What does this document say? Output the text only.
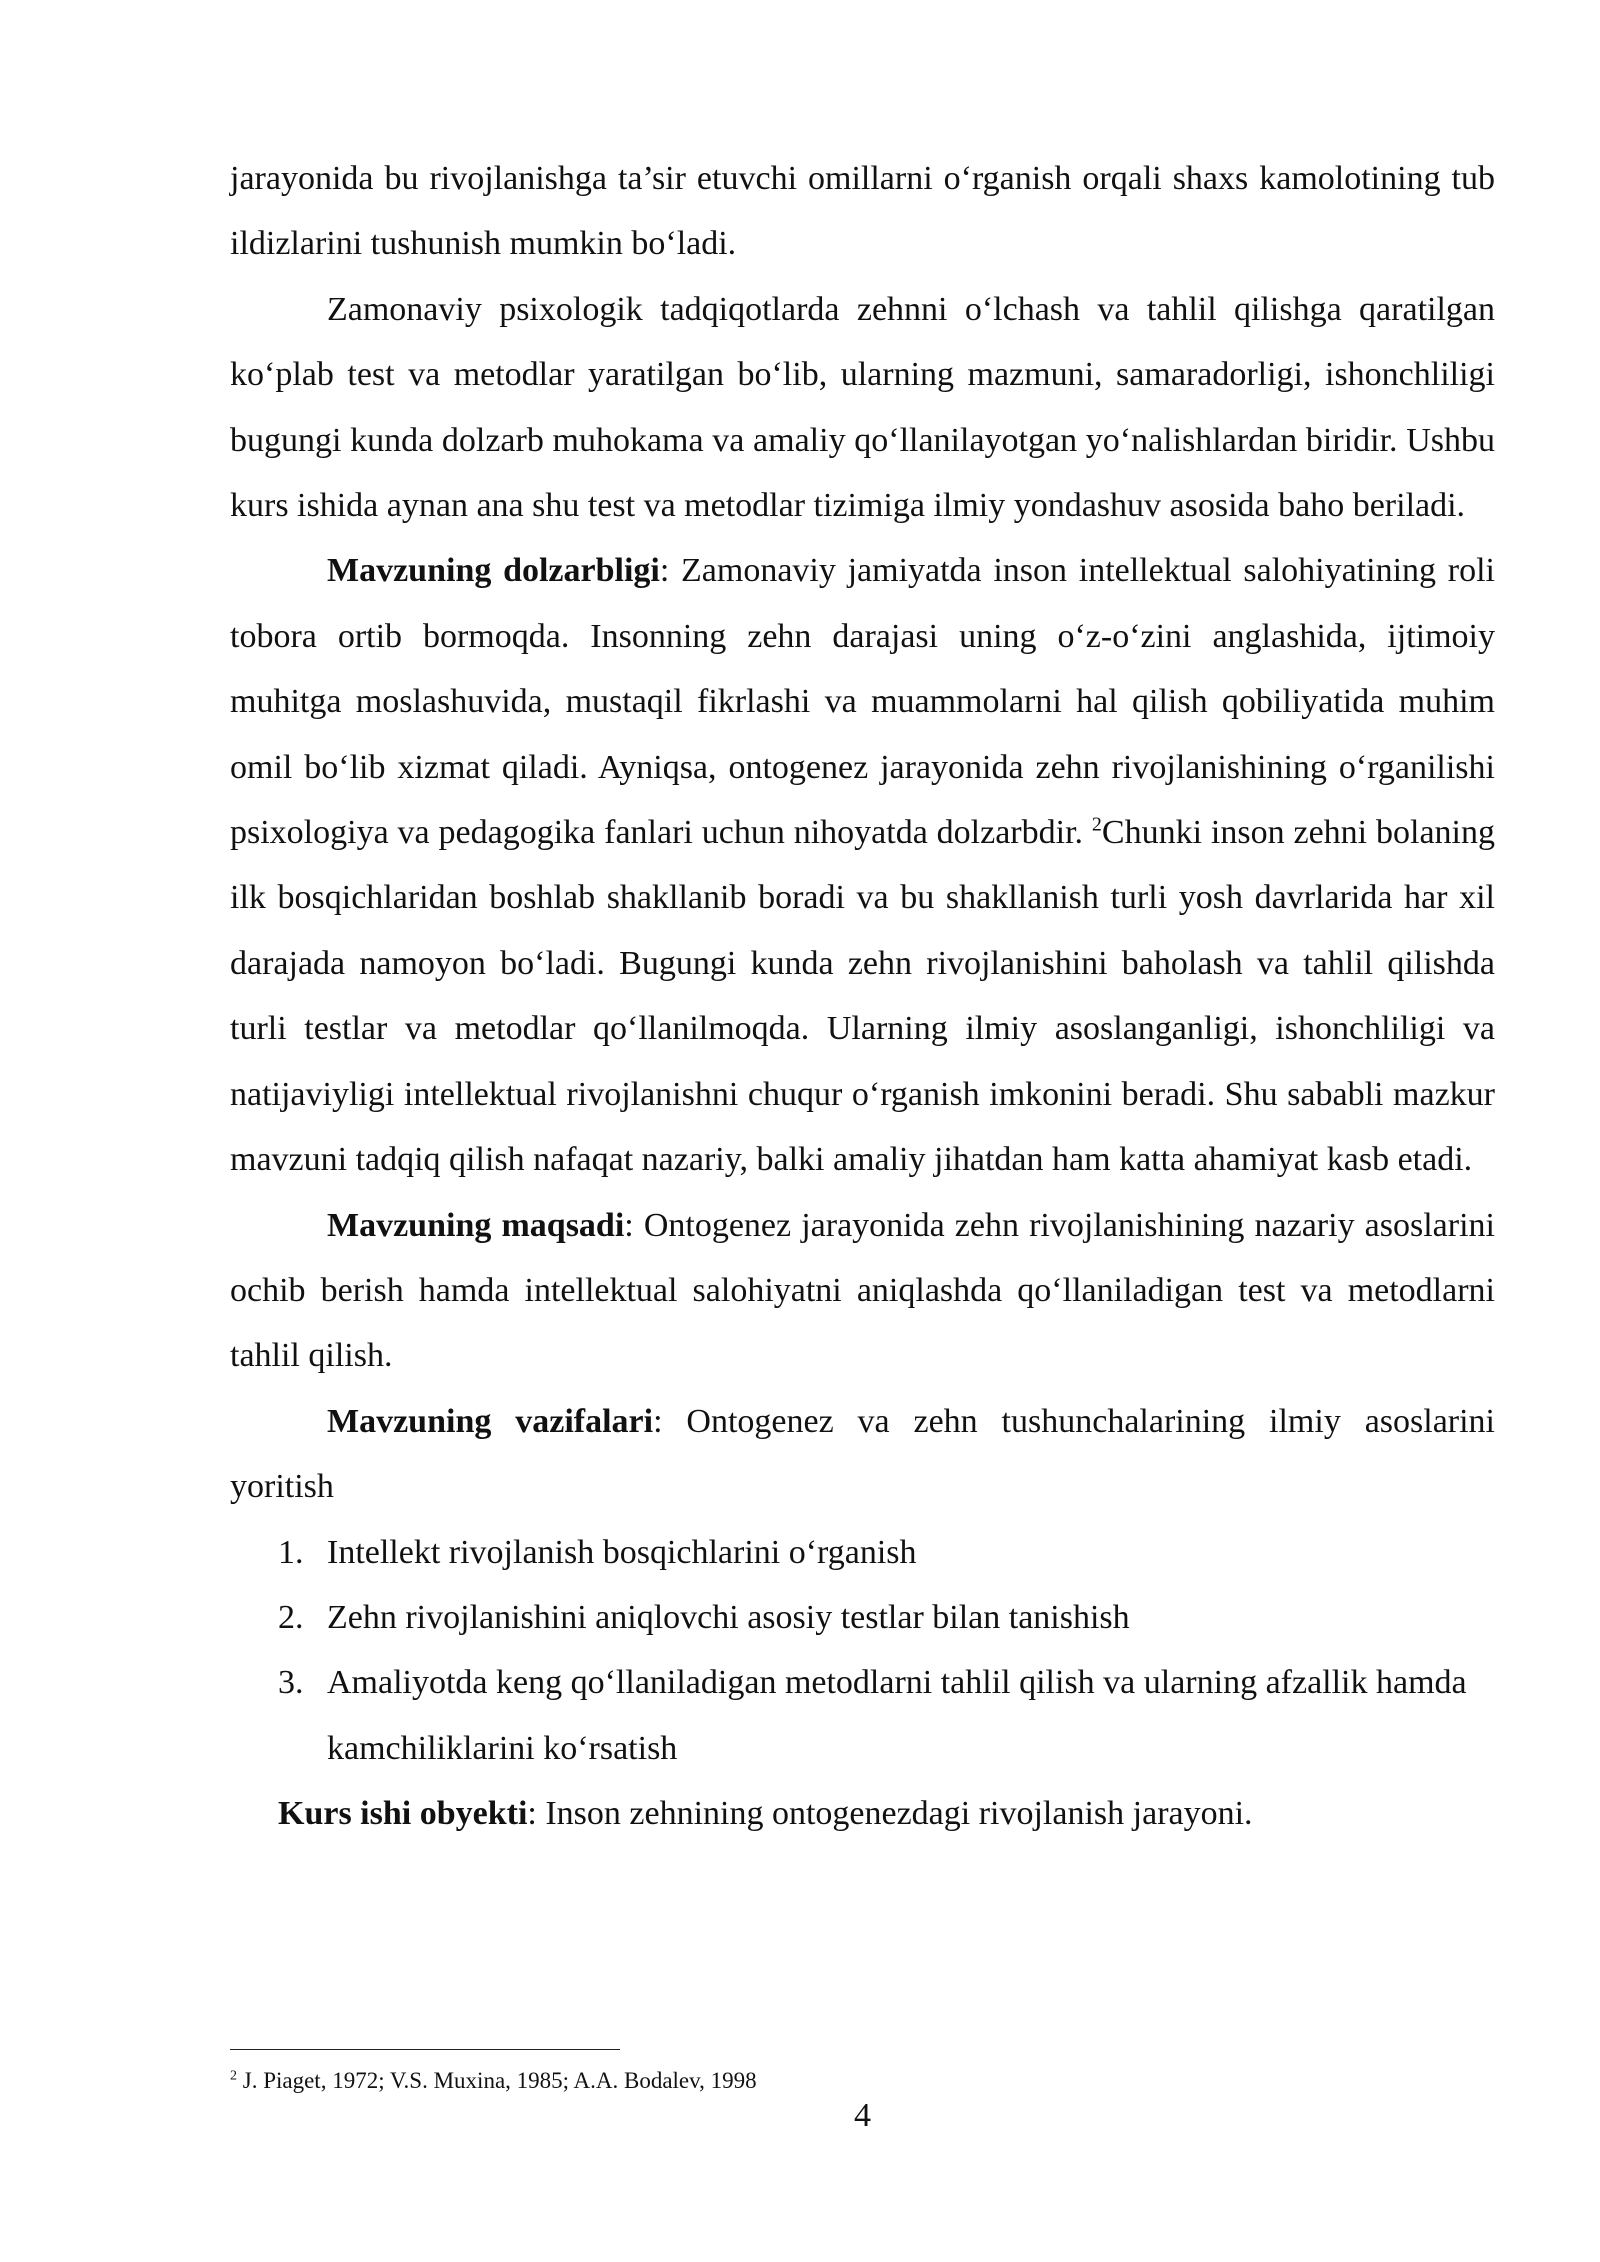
jarayonida bu rivojlanishga ta’sir etuvchi omillarni o‘rganish orqali shaxs kamolotining tub ildizlarini tushunish mumkin bo‘ladi.

Zamonaviy psixologik tadqiqotlarda zehnni o‘lchash va tahlil qilishga qaratilgan ko‘plab test va metodlar yaratilgan bo‘lib, ularning mazmuni, samaradorligi, ishonchliligi bugungi kunda dolzarb muhokama va amaliy qo‘llanilayotgan yo‘nalishlardan biridir. Ushbu kurs ishida aynan ana shu test va metodlar tizimiga ilmiy yondashuv asosida baho beriladi.

Mavzuning dolzarbligi: Zamonaviy jamiyatda inson intellektual salohiyatining roli tobora ortib bormoqda. Insonning zehn darajasi uning o‘z-o‘zini anglashida, ijtimoiy muhitga moslashuvida, mustaqil fikrlashi va muammolarni hal qilish qobiliyatida muhim omil bo‘lib xizmat qiladi. Ayniqsa, ontogenez jarayonida zehn rivojlanishining o‘rganilishi psixologiya va pedagogika fanlari uchun nihoyatda dolzarbdir. $^2$Chunki inson zehni bolaning ilk bosqichlaridan boshlab shakllanib boradi va bu shakllanish turli yosh davrlarida har xil darajada namoyon bo‘ladi. Bugungi kunda zehn rivojlanishini baholash va tahlil qilishda turli testlar va metodlar qo‘llanilmoqda. Ularning ilmiy asoslanganligi, ishonchliligi va natijaviyligi intellektual rivojlanishni chuqur o‘rganish imkonini beradi. Shu sababli mazkur mavzuni tadqiq qilish nafaqat nazariy, balki amaliy jihatdan ham katta ahamiyat kasb etadi.

Mavzuning maqsadi: Ontogenez jarayonida zehn rivojlanishining nazariy asoslarini ochib berish hamda intellektual salohiyatni aniqlashda qo‘llaniladigan test va metodlarni tahlil qilish.

Mavzuning vazifalari: Ontogenez va zehn tushunchalarining ilmiy asoslarini yoritish

1. Intellekt rivojlanish bosqichlarini o‘rganish
2. Zehn rivojlanishini aniqlovchi asosiy testlar bilan tanishish
3. Amaliyotda keng qo‘llaniladigan metodlarni tahlil qilish va ularning afzallik hamda kamchiliklarini ko‘rsatish

Kurs ishi obyekti: Inson zehnining ontogenezdagi rivojlanish jarayoni.

$^2$ J. Piaget, 1972; V.S. Muxina, 1985; A.A. Bodalev, 1998
4
